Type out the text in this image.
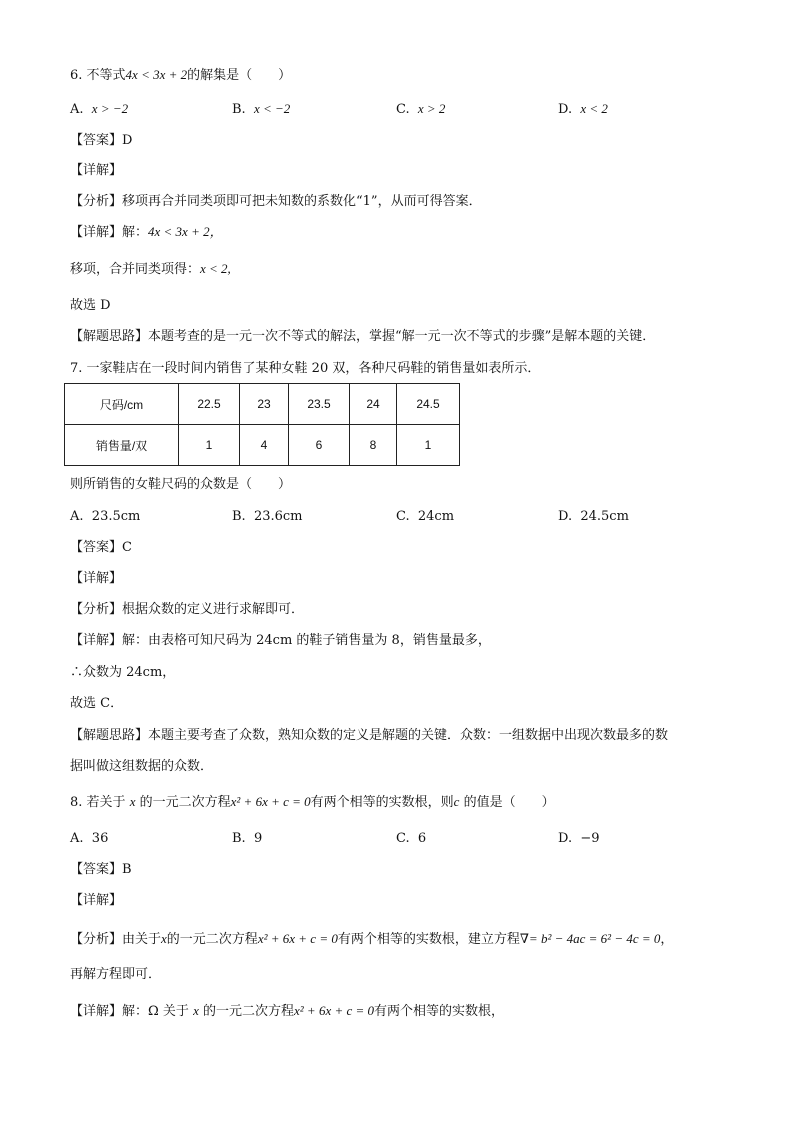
6. 不等式4x < 3x + 2的解集是（　　）
A. x > −2	B. x < −2	C. x > 2	D. x < 2
【答案】D
【详解】
【分析】移项再合并同类项即可把未知数的系数化“1”，从而可得答案．
【详解】解：4x < 3x + 2，
移项，合并同类项得：x < 2,
故选 D
【解题思路】本题考查的是一元一次不等式的解法，掌握“解一元一次不等式的步骤”是解本题的关键．
7. 一家鞋店在一段时间内销售了某种女鞋 20 双，各种尺码鞋的销售量如表所示．
尺码/cm	22.5	23	23.5	24	24.5
销售量/双	1	4	6	8	1
则所销售的女鞋尺码的众数是（　　）
A. 23.5cm	B. 23.6cm	C. 24cm	D. 24.5cm
【答案】C
【详解】
【分析】根据众数的定义进行求解即可．
【详解】解：由表格可知尺码为 24cm 的鞋子销售量为 8，销售量最多，
∴众数为 24cm，
故选 C．
【解题思路】本题主要考查了众数，熟知众数的定义是解题的关键．众数：一组数据中出现次数最多的数
据叫做这组数据的众数．
8. 若关于 x 的一元二次方程x² + 6x + c = 0有两个相等的实数根，则c 的值是（　　）
A. 36	B. 9	C. 6	D. −9
【答案】B
【详解】
【分析】由关于x的一元二次方程x² + 6x + c = 0有两个相等的实数根，建立方程∇= b² − 4ac = 6² − 4c = 0，
再解方程即可．
【详解】解：Ω 关于 x 的一元二次方程x² + 6x + c = 0有两个相等的实数根，
